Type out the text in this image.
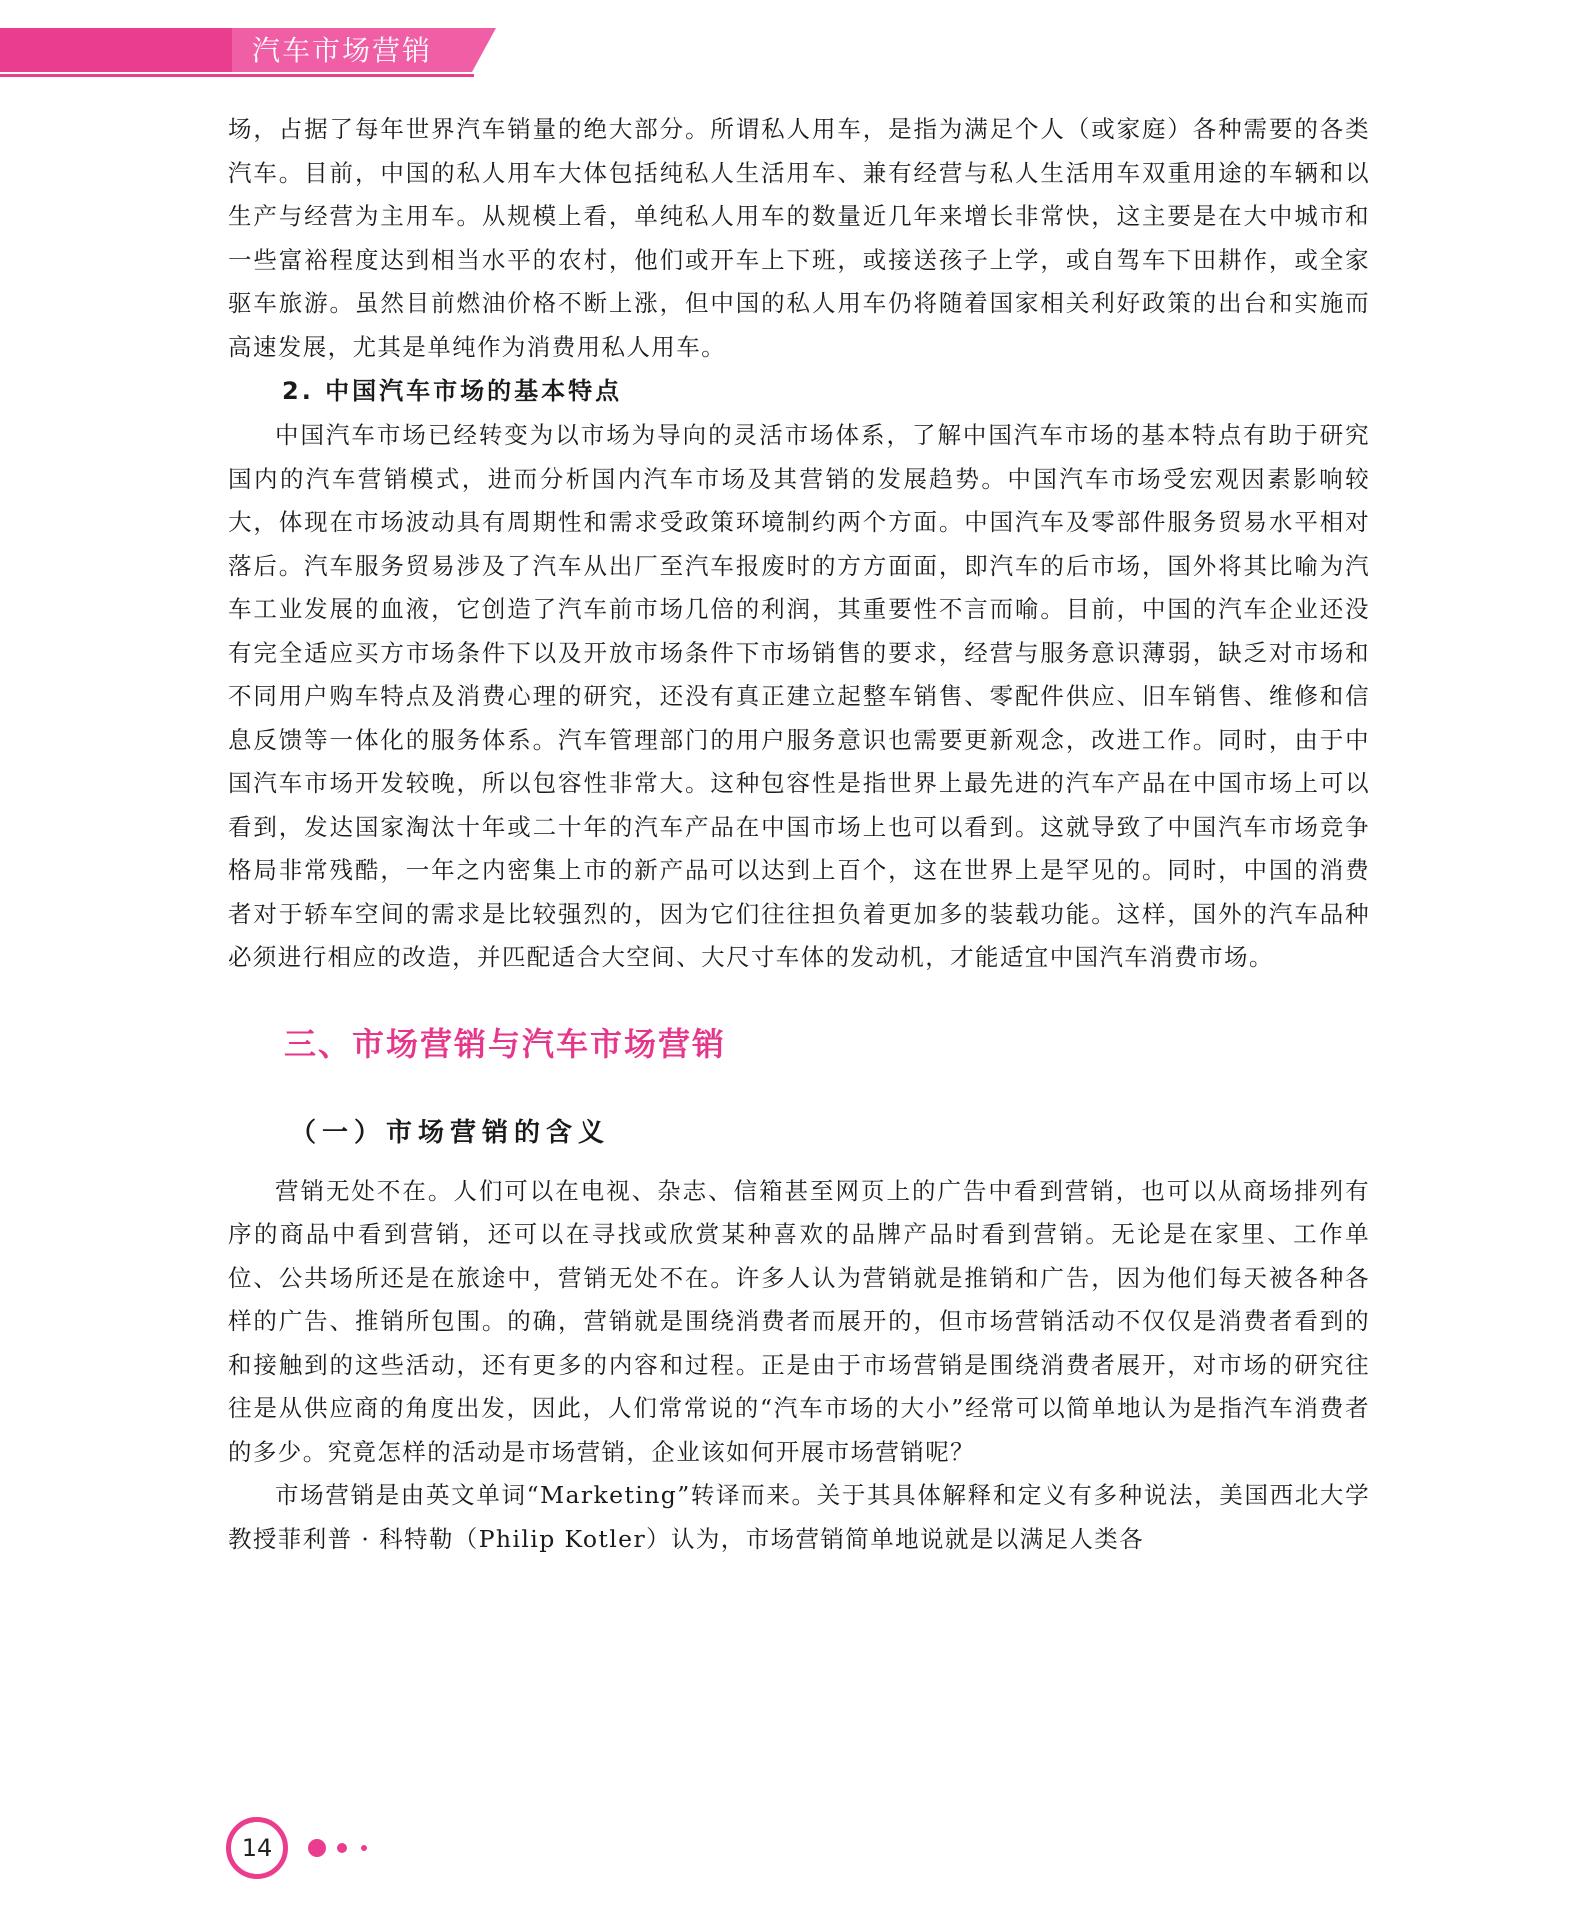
汽车市场营销

场，占据了每年世界汽车销量的绝大部分。所谓私人用车，是指为满足个人（或家庭）各种需要的各类汽车。目前，中国的私人用车大体包括纯私人生活用车、兼有经营与私人生活用车双重用途的车辆和以生产与经营为主用车。从规模上看，单纯私人用车的数量近几年来增长非常快，这主要是在大中城市和一些富裕程度达到相当水平的农村，他们或开车上下班，或接送孩子上学，或自驾车下田耕作，或全家驱车旅游。虽然目前燃油价格不断上涨，但中国的私人用车仍将随着国家相关利好政策的出台和实施而高速发展，尤其是单纯作为消费用私人用车。

2. 中国汽车市场的基本特点

中国汽车市场已经转变为以市场为导向的灵活市场体系，了解中国汽车市场的基本特点有助于研究国内的汽车营销模式，进而分析国内汽车市场及其营销的发展趋势。中国汽车市场受宏观因素影响较大，体现在市场波动具有周期性和需求受政策环境制约两个方面。中国汽车及零部件服务贸易水平相对落后。汽车服务贸易涉及了汽车从出厂至汽车报废时的方方面面，即汽车的后市场，国外将其比喻为汽车工业发展的血液，它创造了汽车前市场几倍的利润，其重要性不言而喻。目前，中国的汽车企业还没有完全适应买方市场条件下以及开放市场条件下市场销售的要求，经营与服务意识薄弱，缺乏对市场和不同用户购车特点及消费心理的研究，还没有真正建立起整车销售、零配件供应、旧车销售、维修和信息反馈等一体化的服务体系。汽车管理部门的用户服务意识也需要更新观念，改进工作。同时，由于中国汽车市场开发较晚，所以包容性非常大。这种包容性是指世界上最先进的汽车产品在中国市场上可以看到，发达国家淘汰十年或二十年的汽车产品在中国市场上也可以看到。这就导致了中国汽车市场竞争格局非常残酷，一年之内密集上市的新产品可以达到上百个，这在世界上是罕见的。同时，中国的消费者对于轿车空间的需求是比较强烈的，因为它们往往担负着更加多的装载功能。这样，国外的汽车品种必须进行相应的改造，并匹配适合大空间、大尺寸车体的发动机，才能适宜中国汽车消费市场。

三、市场营销与汽车市场营销
（一）市场营销的含义

营销无处不在。人们可以在电视、杂志、信箱甚至网页上的广告中看到营销，也可以从商场排列有序的商品中看到营销，还可以在寻找或欣赏某种喜欢的品牌产品时看到营销。无论是在家里、工作单位、公共场所还是在旅途中，营销无处不在。许多人认为营销就是推销和广告，因为他们每天被各种各样的广告、推销所包围。的确，营销就是围绕消费者而展开的，但市场营销活动不仅仅是消费者看到的和接触到的这些活动，还有更多的内容和过程。正是由于市场营销是围绕消费者展开，对市场的研究往往是从供应商的角度出发，因此，人们常常说的“汽车市场的大小”经常可以简单地认为是指汽车消费者的多少。究竟怎样的活动是市场营销，企业该如何开展市场营销呢？

市场营销是由英文单词“Marketing”转译而来。关于其具体解释和定义有多种说法，美国西北大学教授菲利普 · 科特勒（Philip Kotler）认为，市场营销简单地说就是以满足人类各

14
